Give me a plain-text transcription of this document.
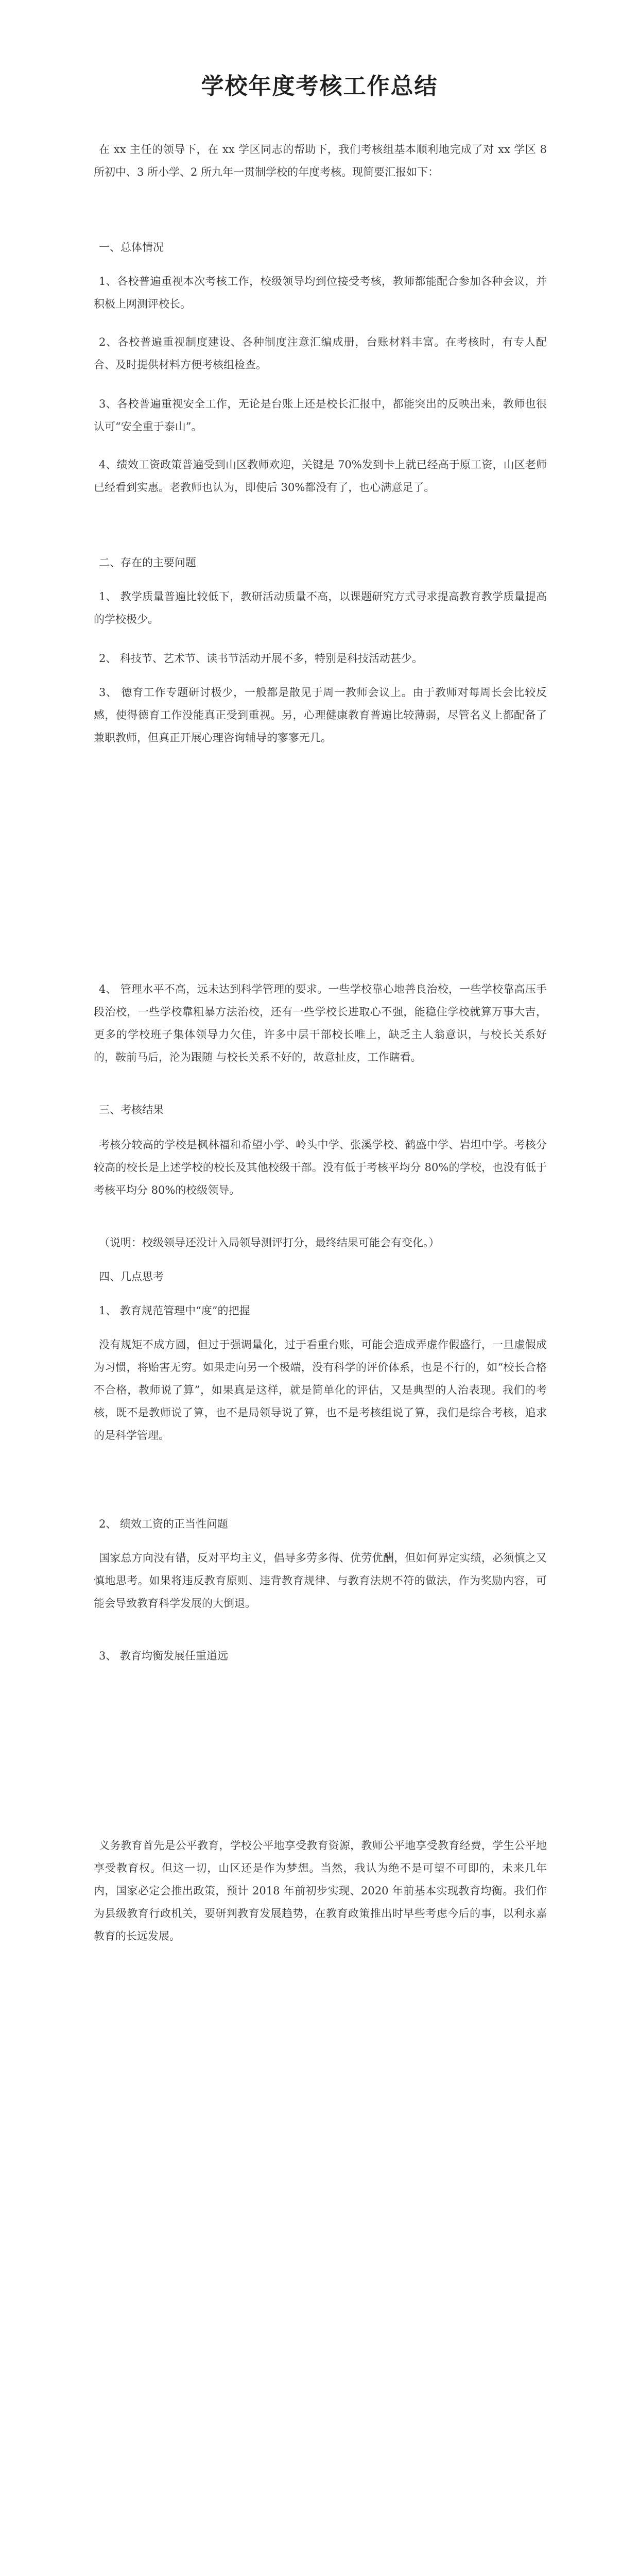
学校年度考核工作总结
在 xx 主任的领导下，在 xx 学区同志的帮助下，我们考核组基本顺利地完成了对 xx 学区 8 所初中、3 所小学、2 所九年一贯制学校的年度考核。现简要汇报如下：
一、总体情况
1、各校普遍重视本次考核工作，校级领导均到位接受考核，教师都能配合参加各种会议，并积极上网测评校长。
2、各校普遍重视制度建设、各种制度注意汇编成册，台账材料丰富。在考核时，有专人配合、及时提供材料方便考核组检查。
3、各校普遍重视安全工作，无论是台账上还是校长汇报中，都能突出的反映出来，教师也很认可“安全重于泰山”。
4、绩效工资政策普遍受到山区教师欢迎，关键是 70%发到卡上就已经高于原工资，山区老师已经看到实惠。老教师也认为，即使后 30%都没有了，也心满意足了。
二、存在的主要问题
1、 教学质量普遍比较低下，教研活动质量不高，以课题研究方式寻求提高教育教学质量提高的学校极少。
2、 科技节、艺术节、读书节活动开展不多，特别是科技活动甚少。
3、 德育工作专题研讨极少，一般都是散见于周一教师会议上。由于教师对每周长会比较反感，使得德育工作没能真正受到重视。另，心理健康教育普遍比较薄弱，尽管名义上都配备了兼职教师，但真正开展心理咨询辅导的寥寥无几。
4、 管理水平不高，远未达到科学管理的要求。一些学校靠心地善良治校，一些学校靠高压手段治校，一些学校靠粗暴方法治校，还有一些学校长进取心不强，能稳住学校就算万事大吉，更多的学校班子集体领导力欠佳，许多中层干部校长唯上，缺乏主人翁意识，与校长关系好的，鞍前马后，沦为跟随 与校长关系不好的，故意扯皮，工作瞎看。
三、考核结果
考核分较高的学校是枫林福和希望小学、岭头中学、张溪学校、鹤盛中学、岩坦中学。考核分较高的校长是上述学校的校长及其他校级干部。没有低于考核平均分 80%的学校，也没有低于考核平均分 80%的校级领导。
（说明：校级领导还没计入局领导测评打分，最终结果可能会有变化。）
四、几点思考
1、 教育规范管理中“度”的把握
没有规矩不成方圆，但过于强调量化，过于看重台账，可能会造成弄虚作假盛行，一旦虚假成为习惯，将贻害无穷。如果走向另一个极端，没有科学的评价体系，也是不行的，如“校长合格不合格，教师说了算”，如果真是这样，就是简单化的评估，又是典型的人治表现。我们的考核，既不是教师说了算，也不是局领导说了算，也不是考核组说了算，我们是综合考核，追求的是科学管理。
2、 绩效工资的正当性问题
国家总方向没有错，反对平均主义，倡导多劳多得、优劳优酬，但如何界定实绩，必须慎之又慎地思考。如果将违反教育原则、违背教育规律、与教育法规不符的做法，作为奖励内容，可能会导致教育科学发展的大倒退。
3、 教育均衡发展任重道远
义务教育首先是公平教育，学校公平地享受教育资源，教师公平地享受教育经费，学生公平地享受教育权。但这一切，山区还是作为梦想。当然，我认为绝不是可望不可即的，未来几年内，国家必定会推出政策，预计 2018 年前初步实现、2020 年前基本实现教育均衡。我们作为县级教育行政机关，要研判教育发展趋势，在教育政策推出时早些考虑今后的事，以利永嘉教育的长远发展。
